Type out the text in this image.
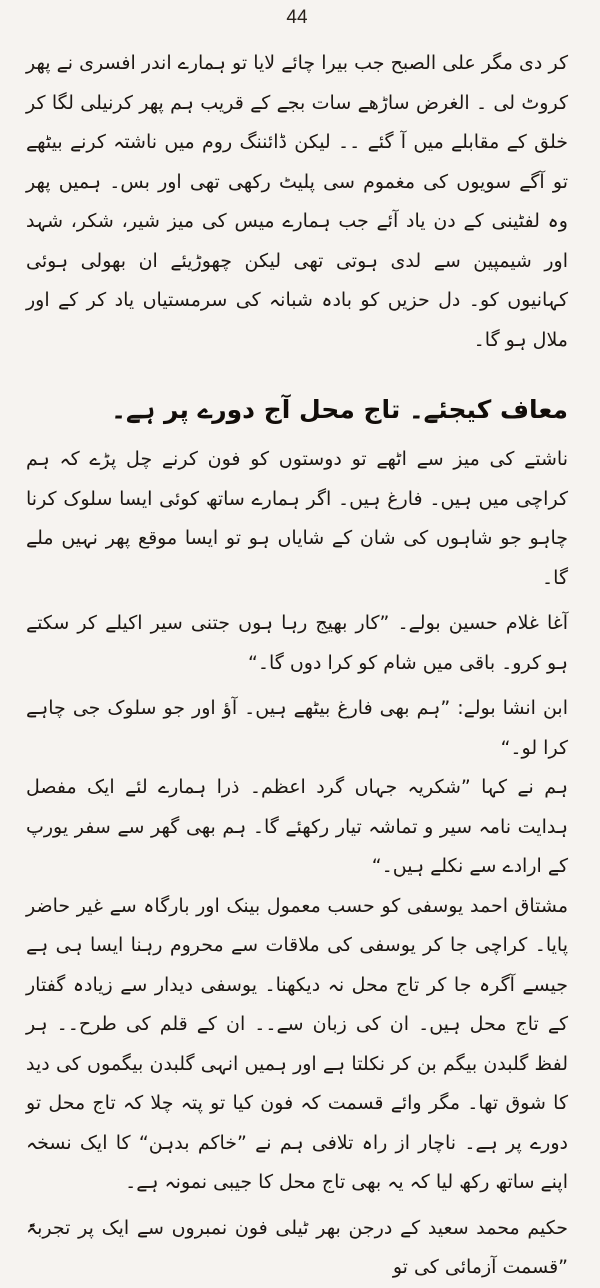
44

کر دی مگر علی الصبح جب بیرا چائے لایا تو ہمارے اندر افسری نے پھر کروٹ لی ۔ الغرض ساڑھے سات بجے کے قریب ہم پھر کرنیلی لگا کر خلق کے مقابلے میں آ گئے ۔۔ لیکن ڈائننگ روم میں ناشتہ کرنے بیٹھے تو آگے سویوں کی مغموم سی پلیٹ رکھی تھی اور بس۔ ہمیں پھر وہ لفٹینی کے دن یاد آئے جب ہمارے میس کی میز شیر، شکر، شہد اور شیمپین سے لدی ہوتی تھی لیکن چھوڑیئے ان بھولی ہوئی کہانیوں کو۔ دل حزیں کو بادہ شبانہ کی سرمستیاں یاد کر کے اور ملال ہو گا۔

معاف کیجئے۔ تاج محل آج دورے پر ہے۔

ناشتے کی میز سے اٹھے تو دوستوں کو فون کرنے چل پڑے کہ ہم کراچی میں ہیں۔ فارغ ہیں۔ اگر ہمارے ساتھ کوئی ایسا سلوک کرنا چاہو جو شاہوں کی شان کے شایاں ہو تو ایسا موقع پھر نہیں ملے گا۔

آغا غلام حسین بولے۔ ”کار بھیج رہا ہوں جتنی سیر اکیلے کر سکتے ہو کرو۔ باقی میں شام کو کرا دوں گا۔“

ابن انشا بولے: ”ہم بھی فارغ بیٹھے ہیں۔ آؤ اور جو سلوک جی چاہے کرا لو۔“

ہم نے کہا ”شکریہ جہاں گرد اعظم۔ ذرا ہمارے لئے ایک مفصل ہدایت نامہ سیر و تماشہ تیار رکھئے گا۔ ہم بھی گھر سے سفر یورپ کے ارادے سے نکلے ہیں۔“

مشتاق احمد یوسفی کو حسب معمول بینک اور بارگاہ سے غیر حاضر پایا۔ کراچی جا کر یوسفی کی ملاقات سے محروم رہنا ایسا ہی ہے جیسے آگرہ جا کر تاج محل نہ دیکھنا۔ یوسفی دیدار سے زیادہ گفتار کے تاج محل ہیں۔ ان کی زبان سے۔۔ ان کے قلم کی طرح۔۔ ہر لفظ گلبدن بیگم بن کر نکلتا ہے اور ہمیں انہی گلبدن بیگموں کی دید کا شوق تھا۔ مگر وائے قسمت کہ فون کیا تو پتہ چلا کہ تاج محل تو دورے پر ہے۔ ناچار از راہ تلافی ہم نے ”خاکم بدہن“ کا ایک نسخہ اپنے ساتھ رکھ لیا کہ یہ بھی تاج محل کا جیبی نمونہ ہے۔

حکیم محمد سعید کے درجن بھر ٹیلی فون نمبروں سے ایک پر تجربۃً ”قسمت آزمائی کی تو
